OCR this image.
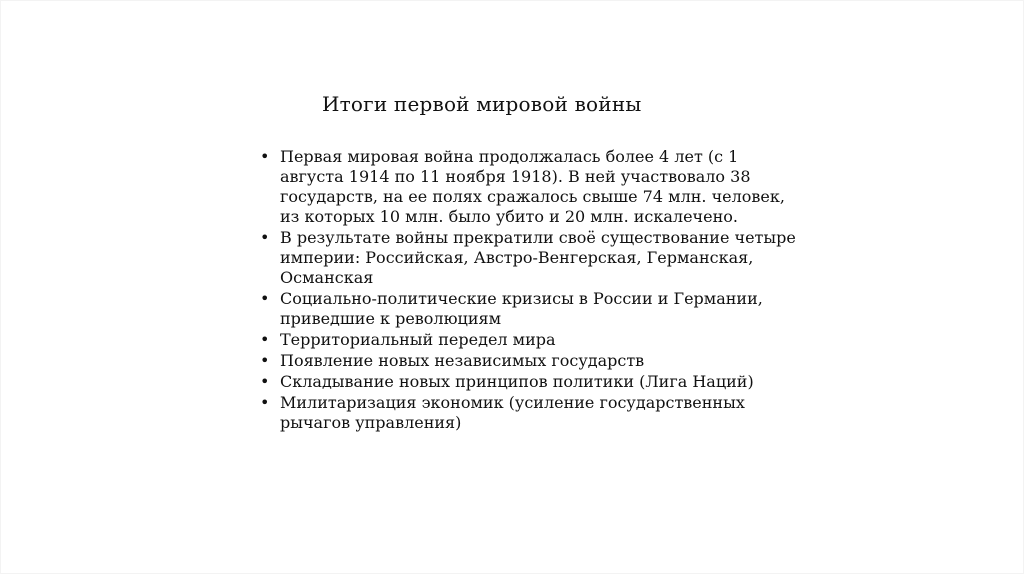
Итоги первой мировой войны
• Первая мировая война продолжалась более 4 лет (с 1 августа 1914 по 11 ноября 1918). В ней участвовало 38 государств, на ее полях сражалось свыше 74 млн. человек, из которых 10 млн. было убито и 20 млн. искалечено.
• В результате войны прекратили своё существование четыре империи: Российская, Австро-Венгерская, Германская, Османская
• Социально-политические кризисы в России и Германии, приведшие к революциям
• Территориальный передел мира
• Появление новых независимых государств
• Складывание новых принципов политики (Лига Наций)
• Милитаризация экономик (усиление государственных рычагов управления)
